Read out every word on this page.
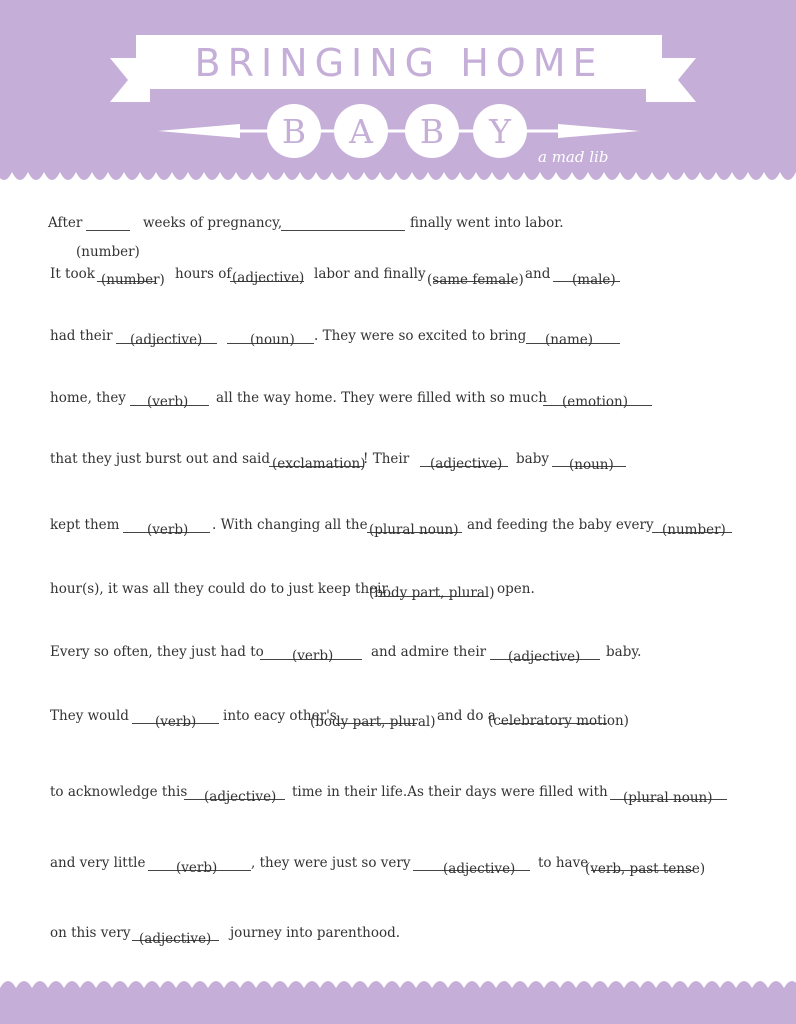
BRINGING HOME
B A B Y
a mad lib
After	weeks of pregnancy,	finally went into labor.
(number)
It took	hours of	labor and finally	and
(number)	(adjective)	(same female)	(male)
had their	. They were so excited to bring
(adjective)	(noun)	(name)
home, they	all the way home. They were filled with so much
(verb)	(emotion)
that they just burst out and said	! Their	baby
(exclamation)	(adjective)	(noun)
kept them	. With changing all the	and feeding the baby every
(verb)	(plural noun)	(number)
hour(s), it was all they could do to just keep their	open.
(body part, plural)
Every so often, they just had to	and admire their	baby.
(verb)	(adjective)
They would	into eacy other's	and do a
(verb)	(body part, plural)	(celebratory motion)
to acknowledge this	time in their life.As their days were filled with
(adjective)	(plural noun)
and very little	, they were just so very	to have
(verb)	(adjective)	(verb, past tense)
on this very	journey into parenthood.
(adjective)
